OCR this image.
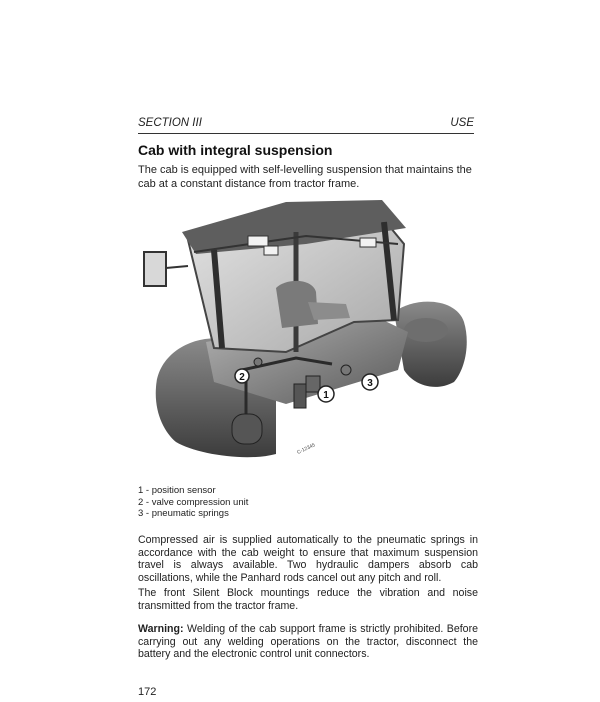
SECTION III	USE
Cab with integral suspension
The cab is equipped with self-levelling suspension that maintains the cab at a constant distance from tractor frame.
1
2
3
C-12345
1 - position sensor
2 - valve compression unit
3 - pneumatic springs
Compressed air is supplied automatically to the pneumatic springs in accordance with the cab weight to ensure that maximum suspension travel is always available. Two hydraulic dampers absorb cab oscillations, while the Panhard rods cancel out any pitch and roll.
The front Silent Block mountings reduce the vibration and noise transmitted from the tractor frame.
Warning: Welding of the cab support frame is strictly prohibited. Before carrying out any welding operations on the tractor, disconnect the battery and the electronic control unit connectors.
172
